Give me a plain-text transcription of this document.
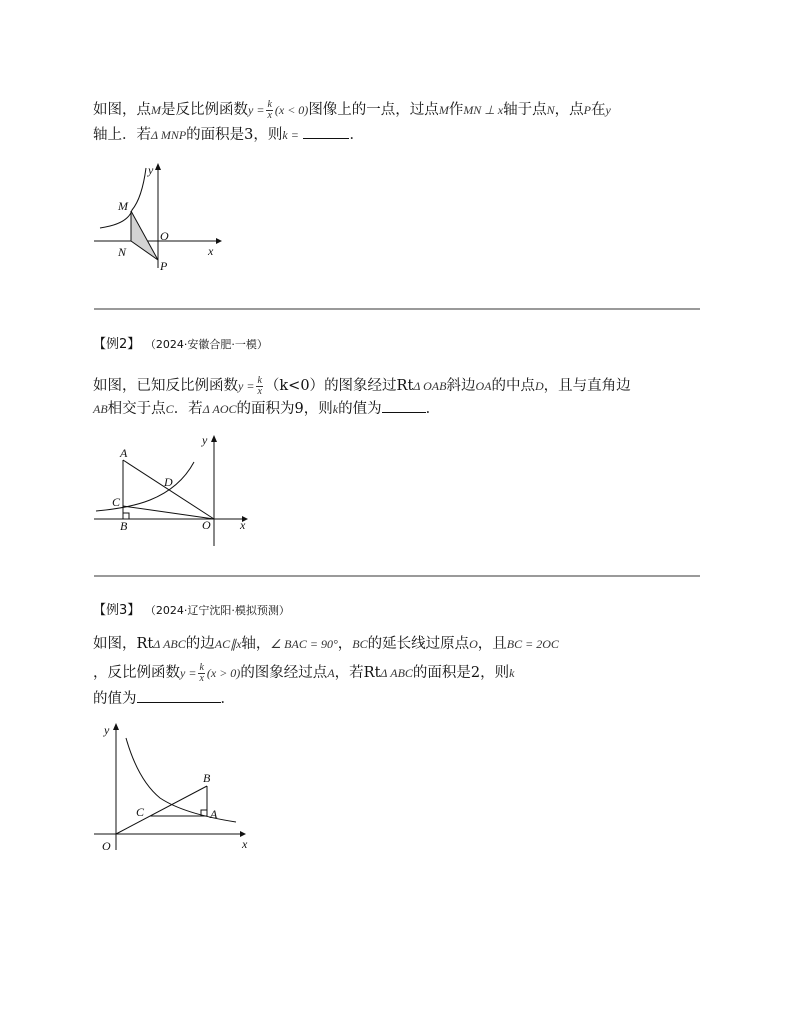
如图，点M是反比例函数$y = \frac{k}{x} (x < 0)$图像上的一点，过点M作MN ⊥ x轴于点N，点P在y
轴上．若Δ MNP的面积是3，则k =	．
M
N
O
P
x
y
【例2】 （2024·安徽合肥·一模）
如图，已知反比例函数$y = \frac{k}{x} (k<0)$的图象经过RtΔ OAB斜边OA的中点D，且与直角边
AB相交于点C．若Δ AOC的面积为9，则k的值为	．
A
D
C
B	O x
y
【例3】 （2024·辽宁沈阳·模拟预测）
如图，RtΔ ABC的边AC∥x轴，∠ BAC = 90°，BC的延长线过原点O，且BC = 2OC
，反比例函数$y = \frac{k}{x} (x > 0)$的图象经过点A，若RtΔ ABC的面积是2，则k
的值为	．
B
C	A
O	x
y
